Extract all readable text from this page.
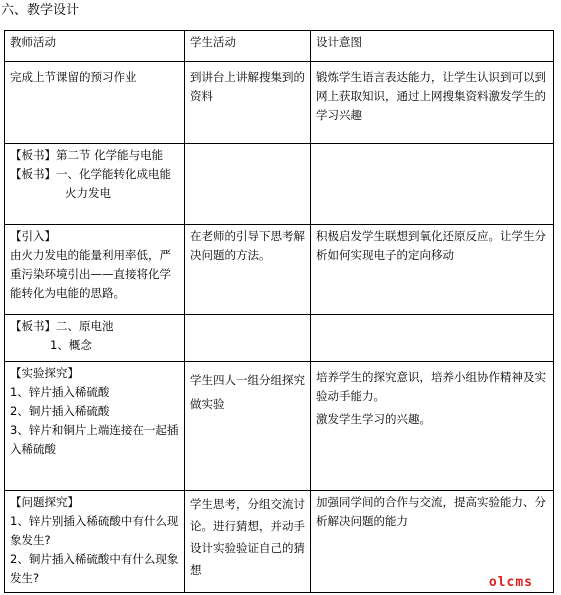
六、教学设计
教师活动	学生活动	设计意图

完成上节课留的预习作业	到讲台上讲解搜集到的资料	锻炼学生语言表达能力，让学生认识到可以到网上获取知识，通过上网搜集资料激发学生的学习兴趣

【板书】第二节 化学能与电能
【板书】一、化学能转化成电能
火力发电		

【引入】
由火力发电的能量利用率低，严重污染环境引出——直接将化学能转化为电能的思路。	在老师的引导下思考解决问题的方法。	积极启发学生联想到氧化还原反应。让学生分析如何实现电子的定向移动

【板书】二、原电池
1、概念		

【实验探究】
1、锌片插入稀硫酸
2、铜片插入稀硫酸
3、锌片和铜片上端连接在一起插入稀硫酸	学生四人一组分组探究做实验	培养学生的探究意识，培养小组协作精神及实验动手能力。
激发学生学习的兴趣。

【问题探究】
1、锌片别插入稀硫酸中有什么现象发生?
2、铜片插入稀硫酸中有什么现象发生?	学生思考，分组交流讨论。进行猜想，并动手设计实验验证自己的猜想	加强同学间的合作与交流，提高实验能力、分析解决问题的能力
olcms
